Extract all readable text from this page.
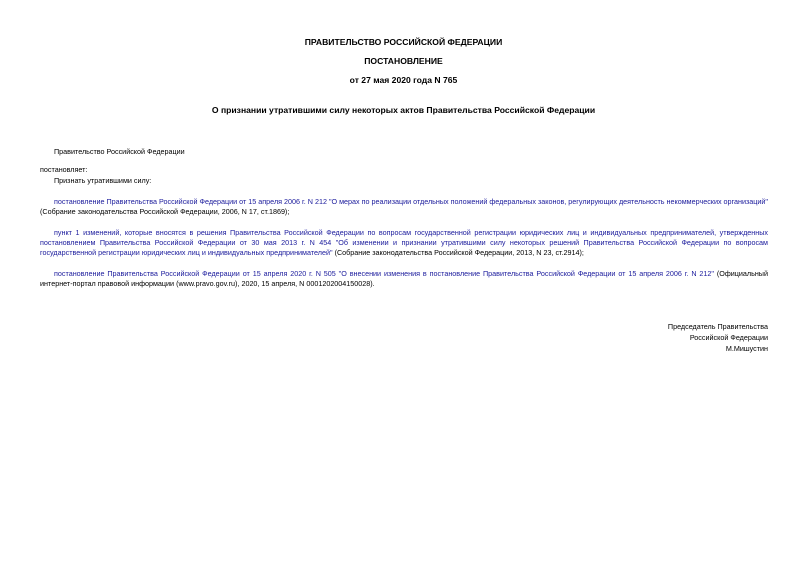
ПРАВИТЕЛЬСТВО РОССИЙСКОЙ ФЕДЕРАЦИИ
ПОСТАНОВЛЕНИЕ
от 27 мая 2020 года N 765
О признании утратившими силу некоторых актов Правительства Российской Федерации
Правительство Российской Федерации
постановляет:
Признать утратившими силу:
постановление Правительства Российской Федерации от 15 апреля 2006 г. N 212 "О мерах по реализации отдельных положений федеральных законов, регулирующих деятельность некоммерческих организаций" (Собрание законодательства Российской Федерации, 2006, N 17, ст.1869);
пункт 1 изменений, которые вносятся в решения Правительства Российской Федерации по вопросам государственной регистрации юридических лиц и индивидуальных предпринимателей, утвержденных постановлением Правительства Российской Федерации от 30 мая 2013 г. N 454 "Об изменении и признании утратившими силу некоторых решений Правительства Российской Федерации по вопросам государственной регистрации юридических лиц и индивидуальных предпринимателей" (Собрание законодательства Российской Федерации, 2013, N 23, ст.2914);
постановление Правительства Российской Федерации от 15 апреля 2020 г. N 505 "О внесении изменения в постановление Правительства Российской Федерации от 15 апреля 2006 г. N 212" (Официальный интернет-портал правовой информации (www.pravo.gov.ru), 2020, 15 апреля, N 0001202004150028).
Председатель Правительства
Российской Федерации
М.Мишустин
